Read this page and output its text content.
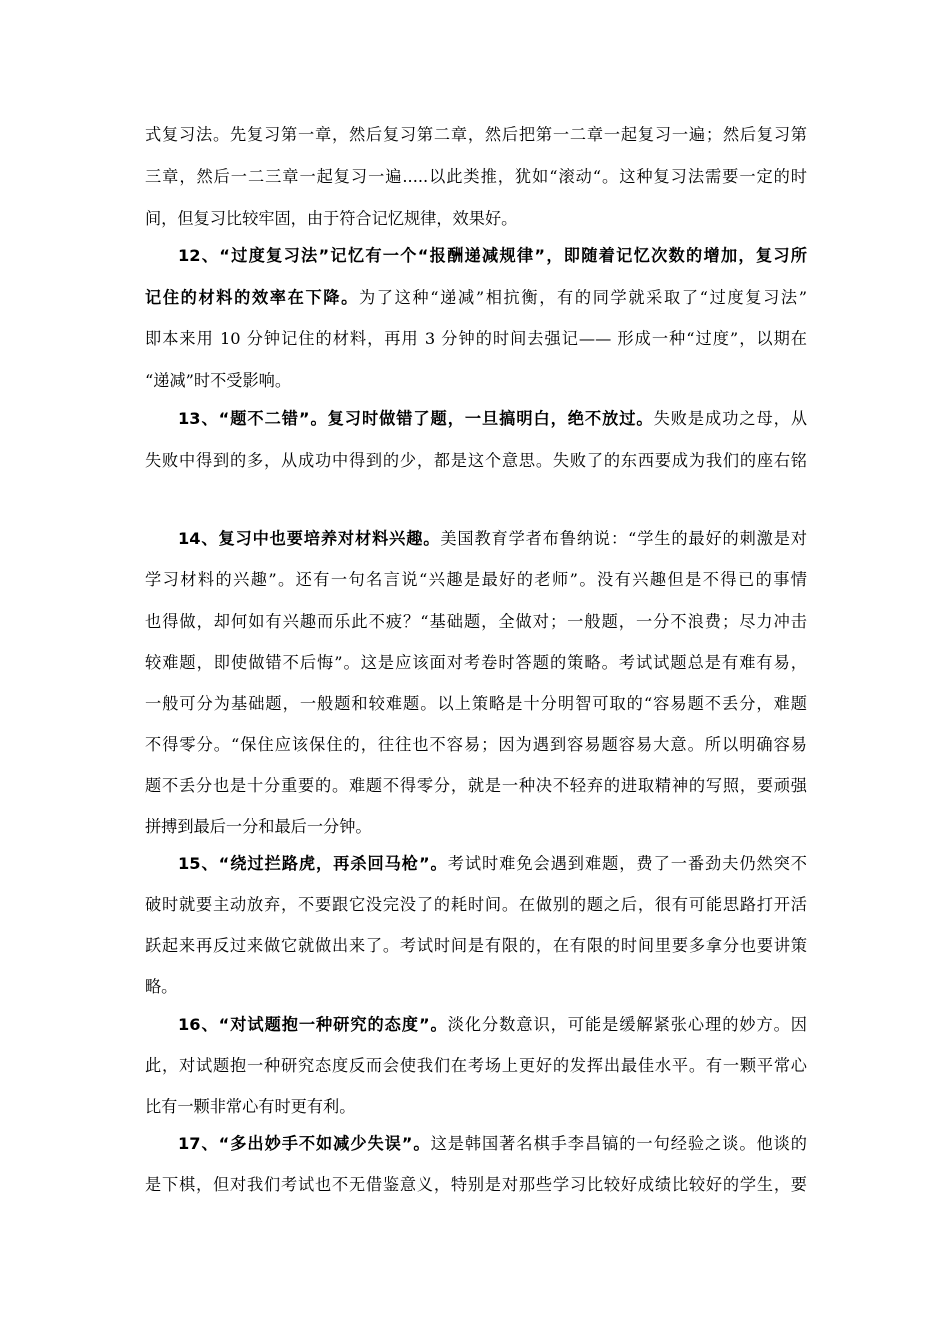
式复习法。先复习第一章，然后复习第二章，然后把第一二章一起复习一遍；然后复习第
三章，然后一二三章一起复习一遍.....以此类推，犹如“滚动“。这种复习法需要一定的时
间，但复习比较牢固，由于符合记忆规律，效果好。
12、“过度复习法”记忆有一个“报酬递减规律”，即随着记忆次数的增加，复习所
记住的材料的效率在下降。为了这种“递减”相抗衡，有的同学就采取了“过度复习法”
即本来用 10 分钟记住的材料，再用 3 分钟的时间去强记—— 形成一种“过度”，以期在
“递减”时不受影响。
13、“题不二错”。复习时做错了题，一旦搞明白，绝不放过。失败是成功之母，从
失败中得到的多，从成功中得到的少，都是这个意思。失败了的东西要成为我们的座右铭
14、复习中也要培养对材料兴趣。美国教育学者布鲁纳说：“学生的最好的刺激是对
学习材料的兴趣”。还有一句名言说“兴趣是最好的老师”。没有兴趣但是不得已的事情
也得做，却何如有兴趣而乐此不疲？“基础题，全做对；一般题，一分不浪费；尽力冲击
较难题，即使做错不后悔”。这是应该面对考卷时答题的策略。考试试题总是有难有易，
一般可分为基础题，一般题和较难题。以上策略是十分明智可取的“容易题不丢分，难题
不得零分。“保住应该保住的，往往也不容易；因为遇到容易题容易大意。所以明确容易
题不丢分也是十分重要的。难题不得零分，就是一种决不轻弃的进取精神的写照，要顽强
拼搏到最后一分和最后一分钟。
15、“绕过拦路虎，再杀回马枪”。考试时难免会遇到难题，费了一番劲夫仍然突不
破时就要主动放弃，不要跟它没完没了的耗时间。在做别的题之后，很有可能思路打开活
跃起来再反过来做它就做出来了。考试时间是有限的，在有限的时间里要多拿分也要讲策
略。
16、“对试题抱一种研究的态度”。淡化分数意识，可能是缓解紧张心理的妙方。因
此，对试题抱一种研究态度反而会使我们在考场上更好的发挥出最佳水平。有一颗平常心
比有一颗非常心有时更有利。
17、“多出妙手不如减少失误”。这是韩国著名棋手李昌镐的一句经验之谈。他谈的
是下棋，但对我们考试也不无借鉴意义，特别是对那些学习比较好成绩比较好的学生，要
